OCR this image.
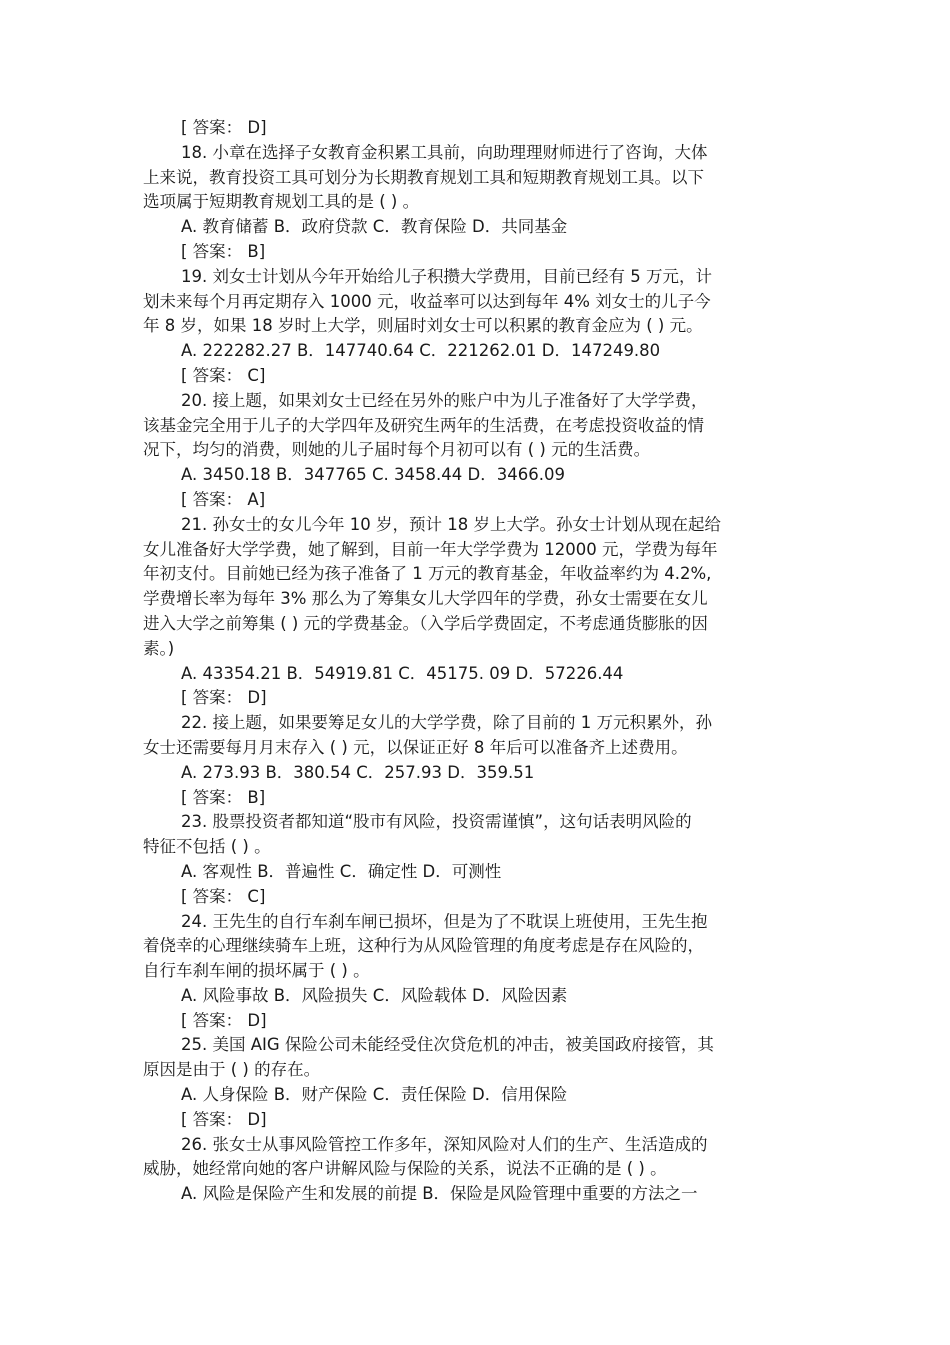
[ 答案： D]
18. 小章在选择子女教育金积累工具前，向助理理财师进行了咨询，大体
上来说，教育投资工具可划分为长期教育规划工具和短期教育规划工具。以下
选项属于短期教育规划工具的是 ( ) 。
A. 教育储蓄 B．政府贷款 C．教育保险 D．共同基金
[ 答案： B]
19. 刘女士计划从今年开始给儿子积攒大学费用，目前已经有 5 万元，计
划未来每个月再定期存入 1000 元，收益率可以达到每年 4% 刘女士的儿子今
年 8 岁，如果 18 岁时上大学，则届时刘女士可以积累的教育金应为 ( ) 元。
A. 222282.27 B．147740.64 C．221262.01 D．147249.80
[ 答案： C]
20. 接上题，如果刘女士已经在另外的账户中为儿子准备好了大学学费，
该基金完全用于儿子的大学四年及研究生两年的生活费，在考虑投资收益的情
况下，均匀的消费，则她的儿子届时每个月初可以有 ( ) 元的生活费。
A. 3450.18 B．347765 C. 3458.44 D．3466.09
[ 答案： A]
21. 孙女士的女儿今年 10 岁，预计 18 岁上大学。孙女士计划从现在起给
女儿准备好大学学费，她了解到，目前一年大学学费为 12000 元，学费为每年
年初支付。目前她已经为孩子准备了 1 万元的教育基金，年收益率约为 4.2%,
学费增长率为每年 3% 那么为了筹集女儿大学四年的学费，孙女士需要在女儿
进入大学之前筹集 ( ) 元的学费基金。（入学后学费固定，不考虑通货膨胀的因
素。)
A. 43354.21 B．54919.81 C．45175. 09 D．57226.44
[ 答案： D]
22. 接上题，如果要筹足女儿的大学学费，除了目前的 1 万元积累外，孙
女士还需要每月月末存入 ( ) 元，以保证正好 8 年后可以准备齐上述费用。
A. 273.93 B．380.54 C．257.93 D．359.51
[ 答案： B]
23. 股票投资者都知道“股市有风险，投资需谨慎”，这句话表明风险的
特征不包括 ( ) 。
A. 客观性 B．普遍性 C．确定性 D．可测性
[ 答案： C]
24. 王先生的自行车刹车闸已损坏，但是为了不耽误上班使用，王先生抱
着侥幸的心理继续骑车上班，这种行为从风险管理的角度考虑是存在风险的，
自行车刹车闸的损坏属于 ( ) 。
A. 风险事故 B．风险损失 C．风险载体 D．风险因素
[ 答案： D]
25. 美国 AIG 保险公司未能经受住次贷危机的冲击，被美国政府接管，其
原因是由于 ( ) 的存在。
A. 人身保险 B．财产保险 C．责任保险 D．信用保险
[ 答案： D]
26. 张女士从事风险管控工作多年，深知风险对人们的生产、生活造成的
威胁，她经常向她的客户讲解风险与保险的关系，说法不正确的是 ( ) 。
A. 风险是保险产生和发展的前提 B．保险是风险管理中重要的方法之一
